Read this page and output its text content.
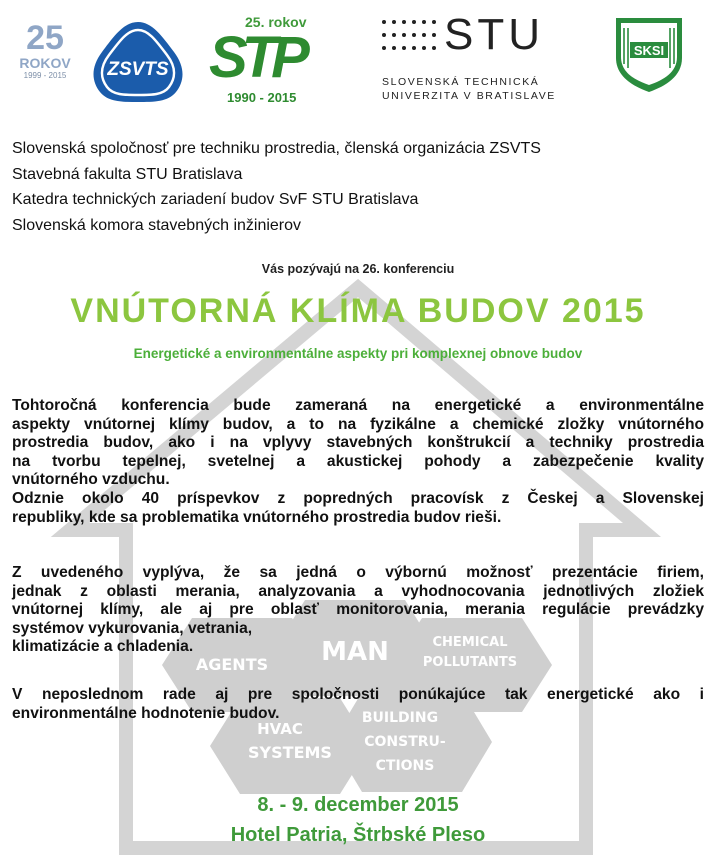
AGENTS MAN	CHEMICAL
POLLUTANTS
HVAC
SYSTEMS
BUILDING
CONSTRU-
CTIONS
25
ROKOV
1999 - 2015	ZSVTS
25. rokov
STP
1990 - 2015
STU
SLOVENSKÁ TECHNICKÁ
UNIVERZITA V BRATISLAVE
SKSI
Slovenská spoločnosť pre techniku prostredia, členská organizácia ZSVTS
Stavebná fakulta STU Bratislava
Katedra technických zariadení budov SvF STU Bratislava
Slovenská komora stavebných inžinierov
Vás pozývajú na 26. konferenciu
VNÚTORNÁ KLÍMA BUDOV 2015
Energetické a environmentálne aspekty pri komplexnej obnove budov
Tohtoročná konferencia bude zameraná na energetické a environmentálne
aspekty vnútornej klímy budov, a to na fyzikálne a chemické zložky vnútorného
prostredia budov, ako i na vplyvy stavebných konštrukcií a techniky prostredia
na tvorbu tepelnej, svetelnej a akustickej pohody a zabezpečenie kvality
vnútorného vzduchu.
Odznie okolo 40 príspevkov z popredných pracovísk z Českej a Slovenskej
republiky, kde sa problematika vnútorného prostredia budov rieši.
Z uvedeného vyplýva, že sa jedná o výbornú možnosť prezentácie firiem,
jednak z oblasti merania, analyzovania a vyhodnocovania jednotlivých zložiek
vnútornej klímy, ale aj pre oblasť monitorovania, merania regulácie prevádzky
systémov vykurovania, vetrania,
klimatizácie a chladenia.
V neposlednom rade aj pre spoločnosti ponúkajúce tak energetické ako i
environmentálne hodnotenie budov.
8. - 9. december 2015
Hotel Patria, Štrbské Pleso
